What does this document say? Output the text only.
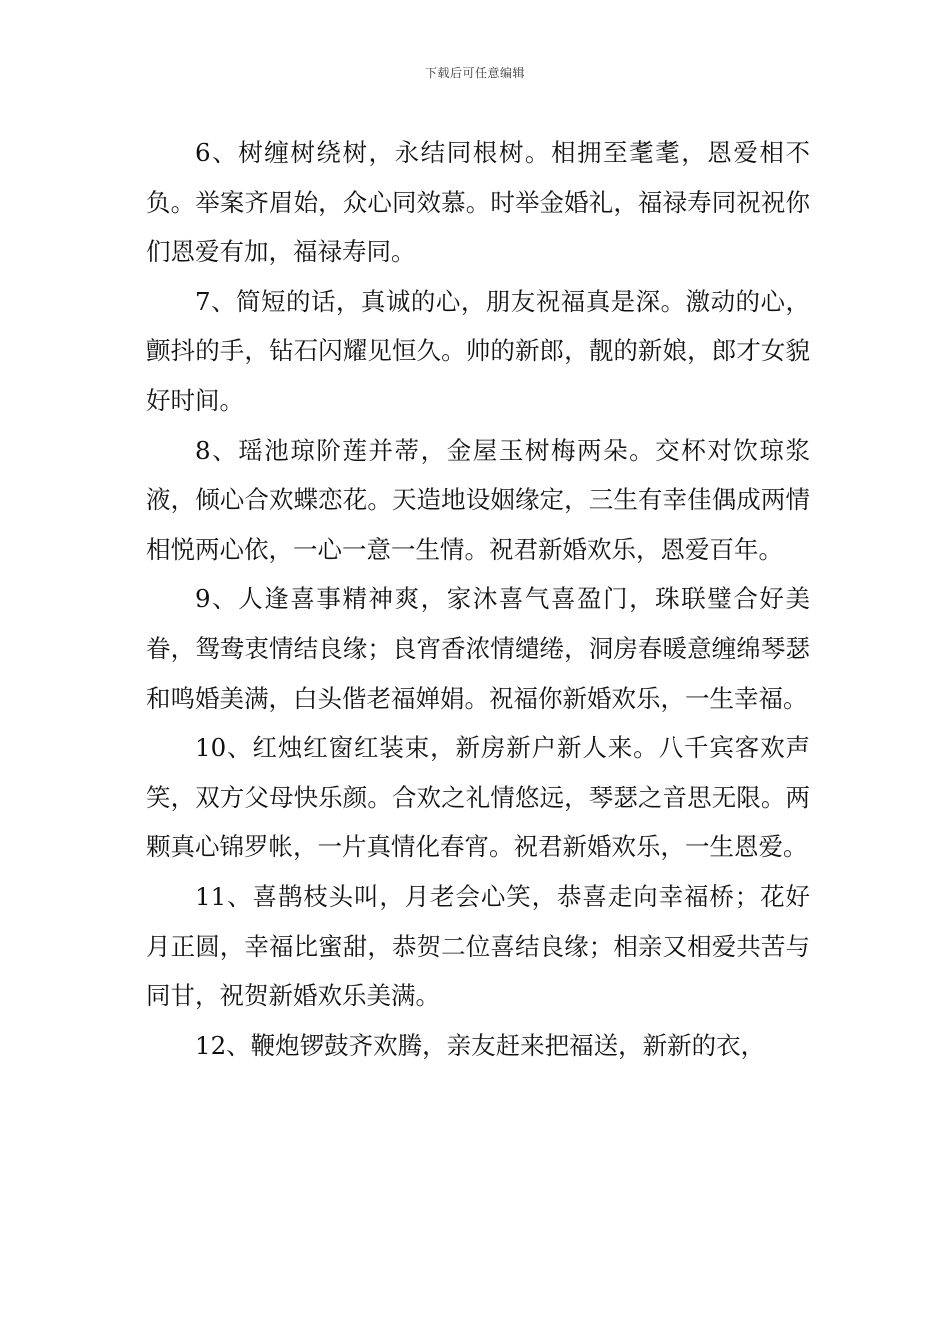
下载后可任意编辑

6、树缠树绕树，永结同根树。相拥至耄耄，恩爱相不负。举案齐眉始，众心同效慕。时举金婚礼，福禄寿同祝祝你们恩爱有加，福禄寿同。

7、简短的话，真诚的心，朋友祝福真是深。激动的心，颤抖的手，钻石闪耀见恒久。帅的新郎，靓的新娘，郎才女貌好时间。

8、瑶池琼阶莲并蒂，金屋玉树梅两朵。交杯对饮琼浆液，倾心合欢蝶恋花。天造地设姻缘定，三生有幸佳偶成两情相悦两心依，一心一意一生情。祝君新婚欢乐，恩爱百年。

9、人逢喜事精神爽，家沐喜气喜盈门，珠联璧合好美眷，鸳鸯衷情结良缘；良宵香浓情缱绻，洞房春暖意缠绵琴瑟和鸣婚美满，白头偕老福婵娟。祝福你新婚欢乐，一生幸福。

10、红烛红窗红装束，新房新户新人来。八千宾客欢声笑，双方父母快乐颜。合欢之礼情悠远，琴瑟之音思无限。两颗真心锦罗帐，一片真情化春宵。祝君新婚欢乐，一生恩爱。

11、喜鹊枝头叫，月老会心笑，恭喜走向幸福桥；花好月正圆，幸福比蜜甜，恭贺二位喜结良缘；相亲又相爱共苦与同甘，祝贺新婚欢乐美满。

12、鞭炮锣鼓齐欢腾，亲友赶来把福送，新新的衣，
